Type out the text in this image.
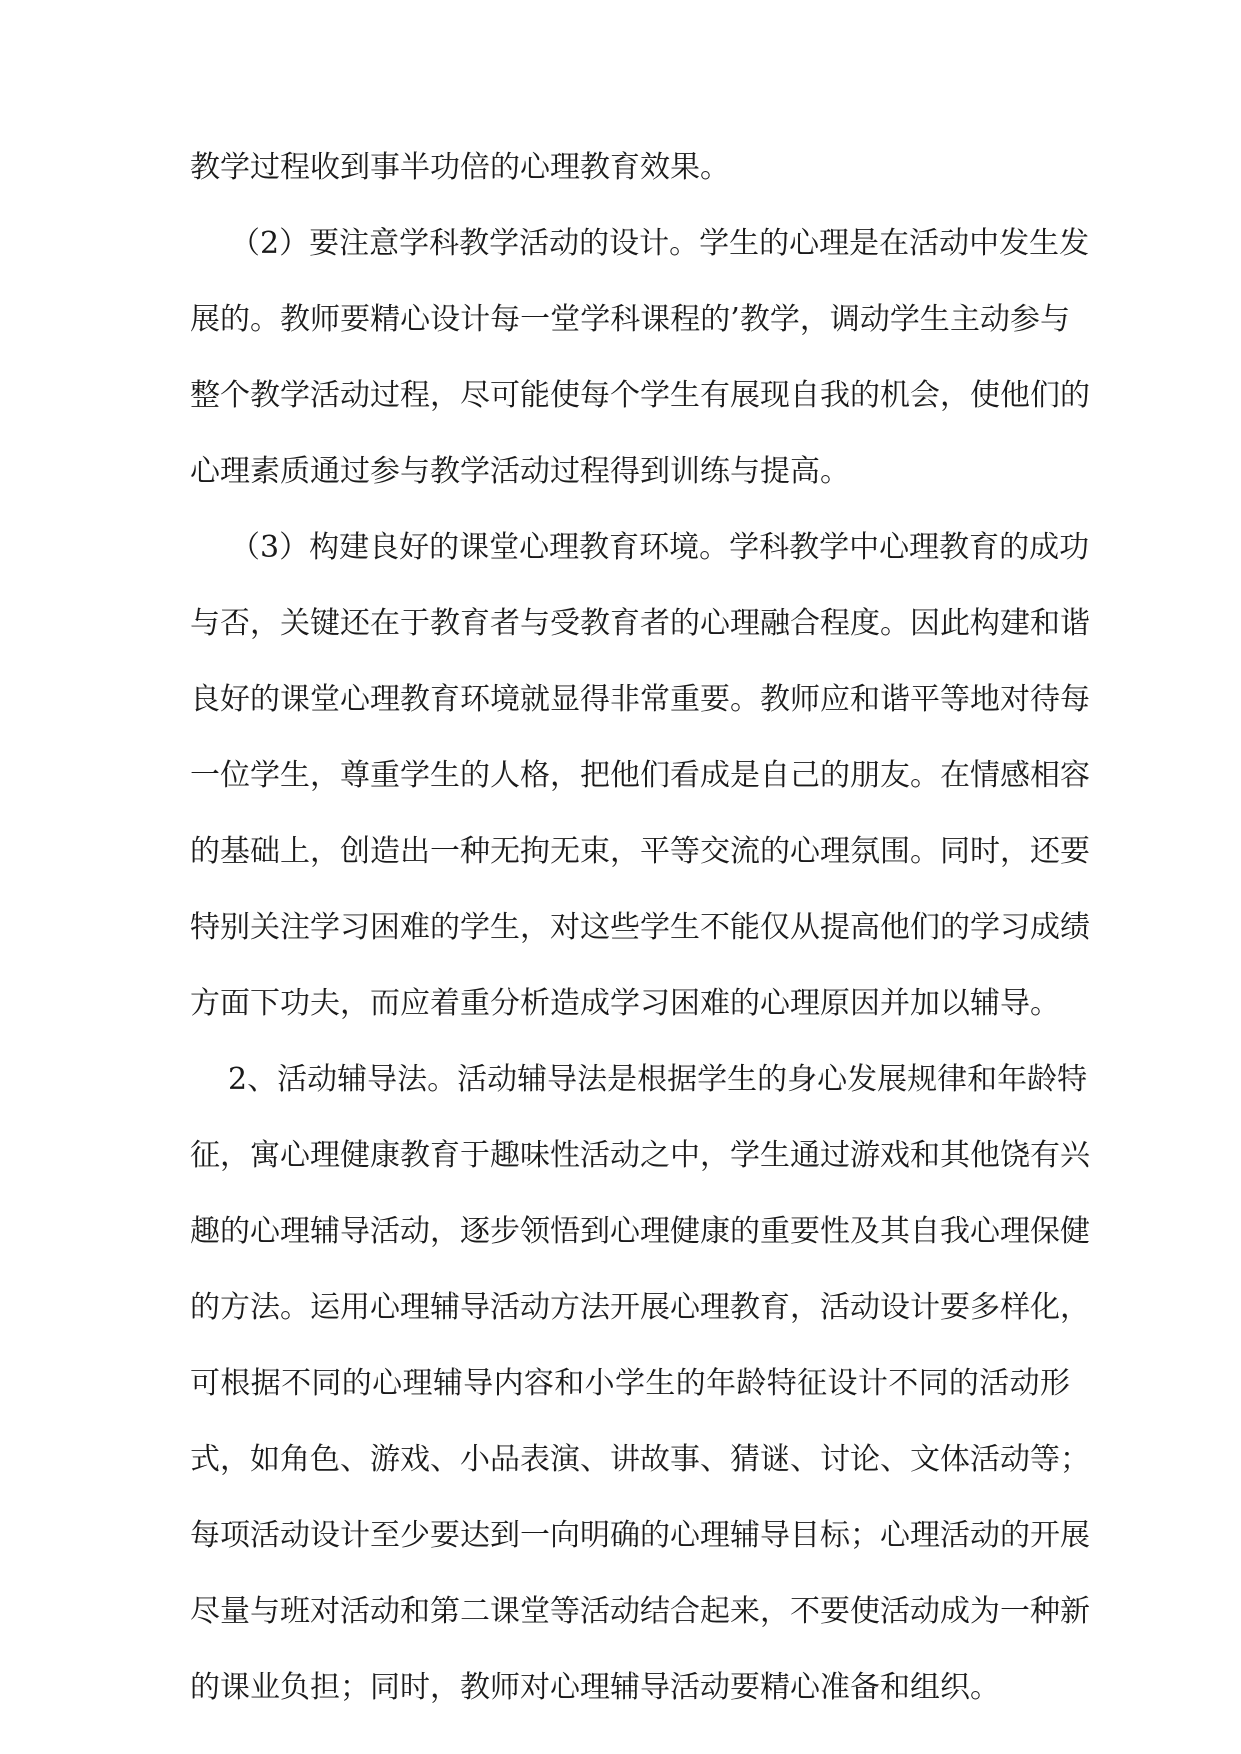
教学过程收到事半功倍的心理教育效果。
（2）要注意学科教学活动的设计。学生的心理是在活动中发生发
展的。教师要精心设计每一堂学科课程的’教学，调动学生主动参与
整个教学活动过程，尽可能使每个学生有展现自我的机会，使他们的
心理素质通过参与教学活动过程得到训练与提高。
（3）构建良好的课堂心理教育环境。学科教学中心理教育的成功
与否，关键还在于教育者与受教育者的心理融合程度。因此构建和谐
良好的课堂心理教育环境就显得非常重要。教师应和谐平等地对待每
一位学生，尊重学生的人格，把他们看成是自己的朋友。在情感相容
的基础上，创造出一种无拘无束，平等交流的心理氛围。同时，还要
特别关注学习困难的学生，对这些学生不能仅从提高他们的学习成绩
方面下功夫，而应着重分析造成学习困难的心理原因并加以辅导。
2、活动辅导法。活动辅导法是根据学生的身心发展规律和年龄特
征，寓心理健康教育于趣味性活动之中，学生通过游戏和其他饶有兴
趣的心理辅导活动，逐步领悟到心理健康的重要性及其自我心理保健
的方法。运用心理辅导活动方法开展心理教育，活动设计要多样化，
可根据不同的心理辅导内容和小学生的年龄特征设计不同的活动形
式，如角色、游戏、小品表演、讲故事、猜谜、讨论、文体活动等；
每项活动设计至少要达到一向明确的心理辅导目标；心理活动的开展
尽量与班对活动和第二课堂等活动结合起来，不要使活动成为一种新
的课业负担；同时，教师对心理辅导活动要精心准备和组织。
